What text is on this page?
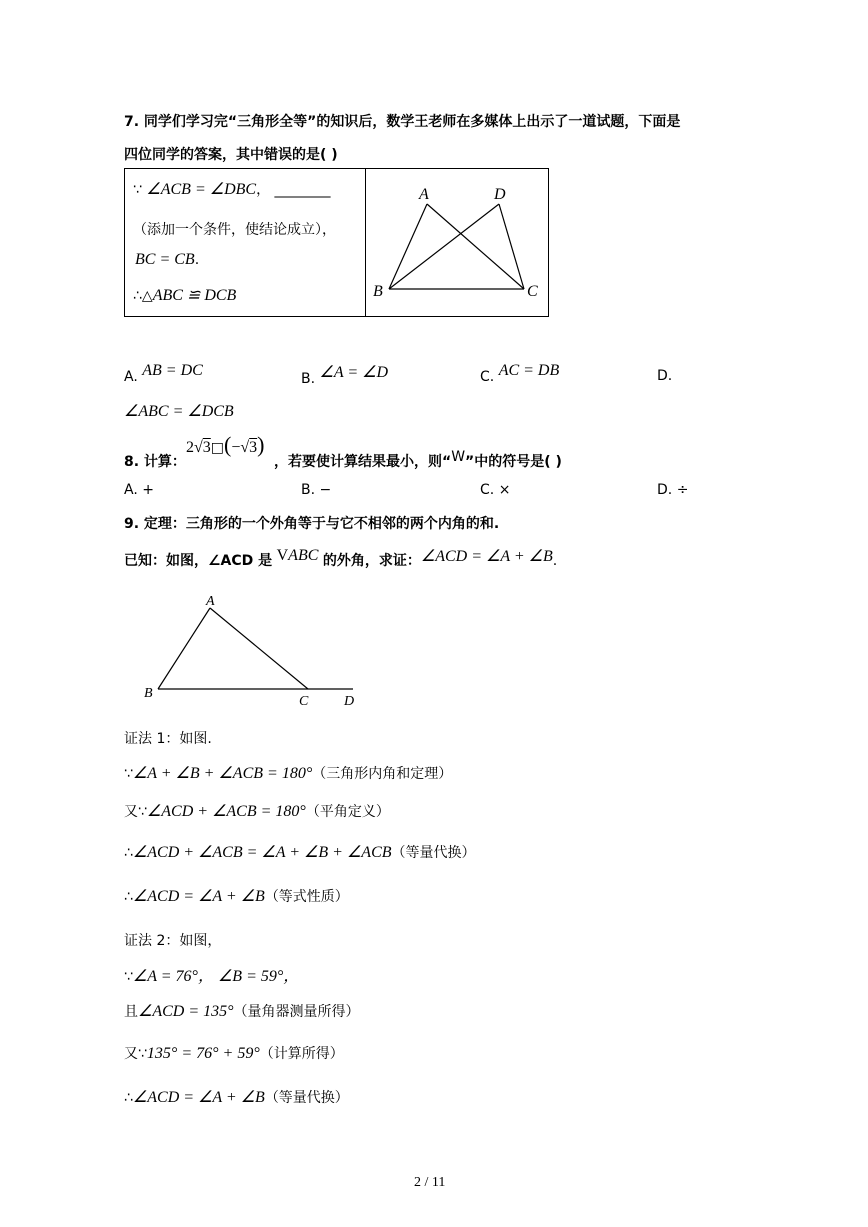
7. 同学们学习完“三角形全等”的知识后，数学王老师在多媒体上出示了一道试题，下面是
四位同学的答案，其中错误的是( )
∵ ∠ACB = ∠DBC， ________
（添加一个条件，使结论成立），
BC = CB.
∴△ABC ≌ DCB

A	D
B	C
A. AB = DC	B. ∠A = ∠D	C. AC = DB	D.
∠ABC = ∠DCB
8. 计算：
2√3□(−√3)
，若要使计算结果最小，则“W”中的符号是( )
A. +	B. −	C. ×	D. ÷
9. 定理：三角形的一个外角等于与它不相邻的两个内角的和.
已知：如图，∠ACD 是 VABC 的外角，求证：∠ACD = ∠A + ∠B.
A
B
C	D
证法 1：如图.
∵∠A + ∠B + ∠ACB = 180°（三角形内角和定理）
又∵∠ACD + ∠ACB = 180°（平角定义）
∴∠ACD + ∠ACB = ∠A + ∠B + ∠ACB（等量代换）
∴∠ACD = ∠A + ∠B（等式性质）
证法 2：如图，
∵∠A = 76°， ∠B = 59°，
且∠ACD = 135°（量角器测量所得）
又∵135° = 76° + 59°（计算所得）
∴∠ACD = ∠A + ∠B（等量代换）
2 / 11
